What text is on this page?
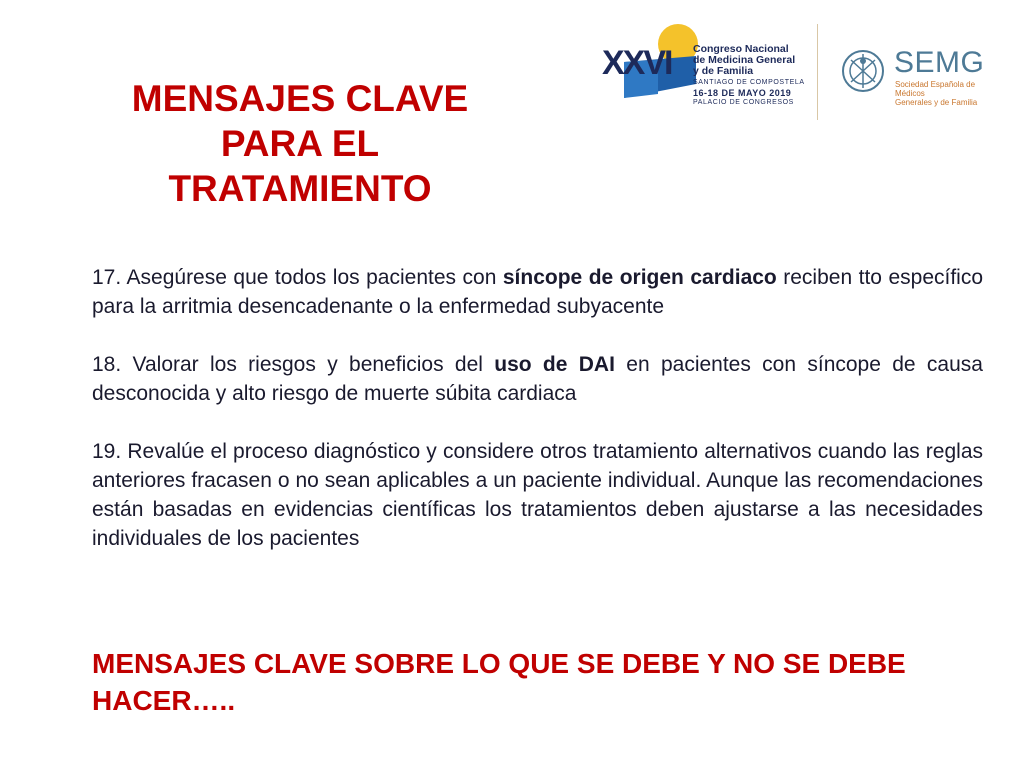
MENSAJES CLAVE
PARA EL
TRATAMIENTO
XXVI Congreso Nacional
de Medicina General
y de Familia
SANTIAGO DE COMPOSTELA
16-18 DE MAYO 2019
PALACIO DE CONGRESOS
SEMG
Sociedad Española de Médicos
Generales y de Familia

17. Asegúrese que todos los pacientes con síncope de origen cardiaco reciben tto específico para la arritmia desencadenante o la enfermedad subyacente

18. Valorar los riesgos y beneficios del uso de DAI en pacientes con síncope de causa desconocida y alto riesgo de muerte súbita cardiaca

19. Revalúe el proceso diagnóstico y considere otros tratamiento alternativos cuando las reglas anteriores fracasen o no sean aplicables a un paciente individual. Aunque las recomendaciones están basadas en evidencias científicas los tratamientos deben ajustarse a las necesidades individuales de los pacientes

MENSAJES CLAVE SOBRE LO QUE SE DEBE Y NO SE DEBE HACER…..
